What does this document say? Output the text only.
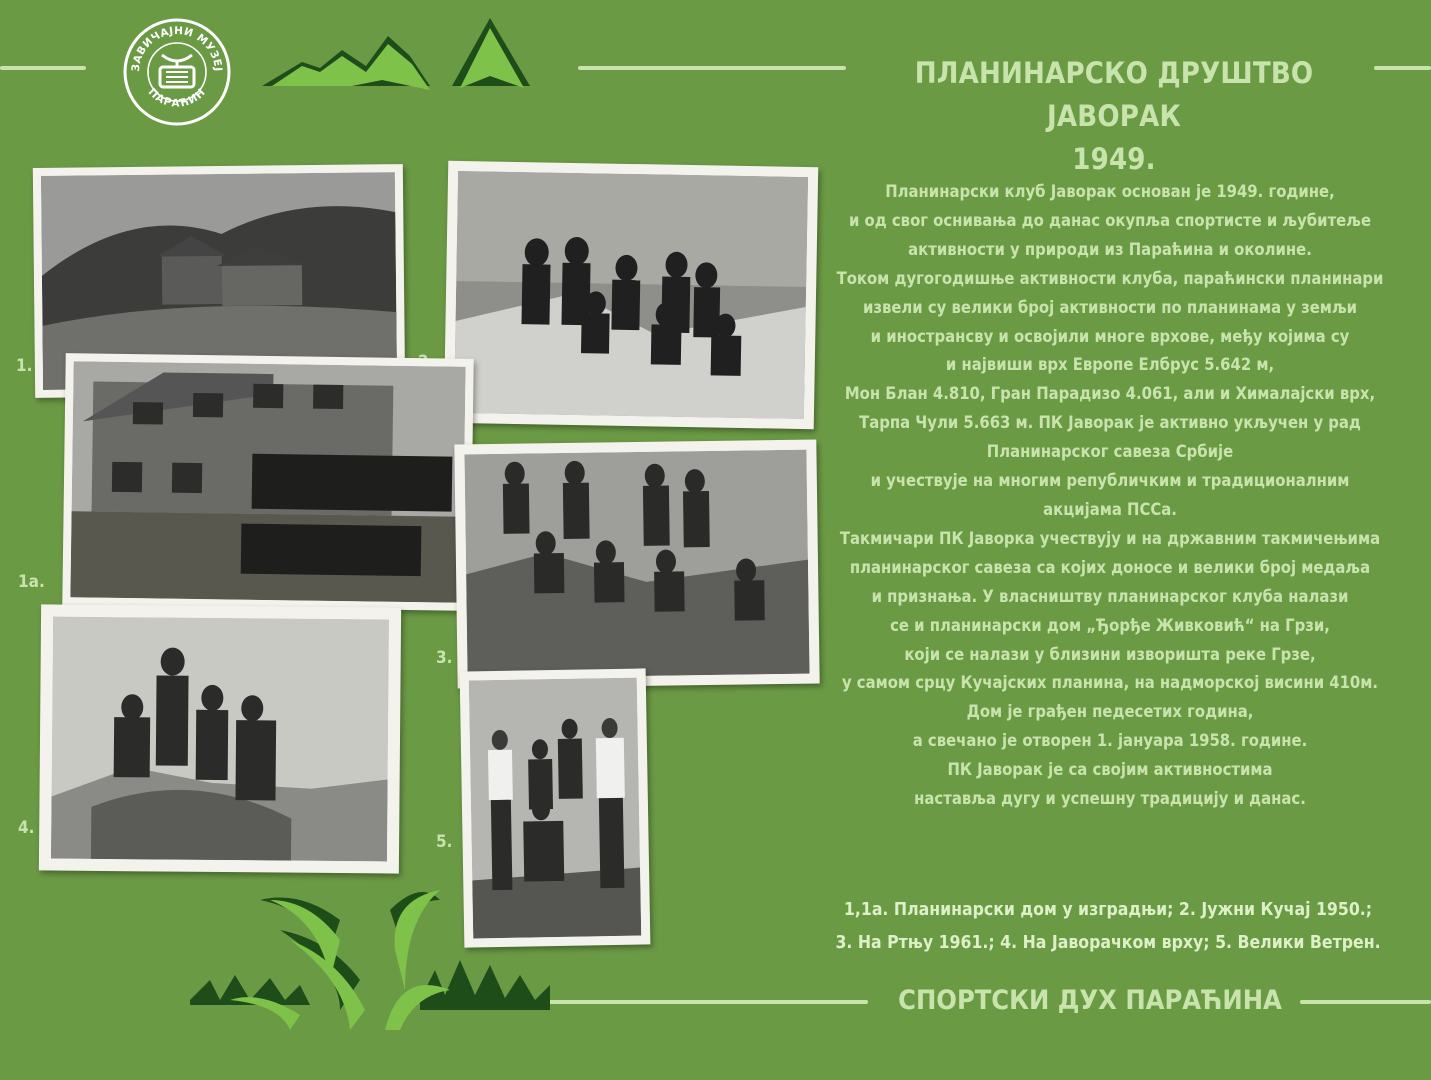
ЗАВИЧАЈНИ МУЗЕЈ
ПАРАЋИН
ПЛАНИНАРСКО ДРУШТВО ЈАВОРАК
1949.
Планинарски клуб Јаворак основан је 1949. године,
и од свог оснивања до данас окупља спортисте и љубитеље
активности у природи из Параћина и околине.
Током дугогодишње активности клуба, параћински планинари
извели су велики број активности по планинама у земљи
и инострансву и освојили многе врхове, међу којима су
и највиши врх Европе Елбрус 5.642 м,
Мон Блан 4.810, Гран Парадизо 4.061, али и Хималајски врх,
Тарпа Чули 5.663 м. ПК Јаворак је активно укључен у рад
Планинарског савеза Србије
и учествује на многим републичким и традиционалним
акцијама ПССа.
Такмичари ПК Јаворка учествују и на државним такмичењима
планинарског савеза са којих доносе и велики број медаља
и признања. У власништву планинарског клуба налази
се и планинарски дом „Ђорђе Живковић“ на Грзи,
који се налази у близини изворишта реке Грзе,
у самом срцу Кучајских планина, на надморској висини 410м.
Дом је грађен педесетих година,
а свечано је отворен 1. јануара 1958. године.
ПК Јаворак је са својим активностима
наставља дугу и успешну традицију и данас.
1,1а. Планинарски дом у изградњи; 2. Јужни Кучај 1950.;
3. На Ртњу 1961.; 4. На Јаворачком врху; 5. Велики Ветрен.
СПОРТСКИ ДУХ ПАРАЋИНА
1.
1а.
3.
4.
5.
